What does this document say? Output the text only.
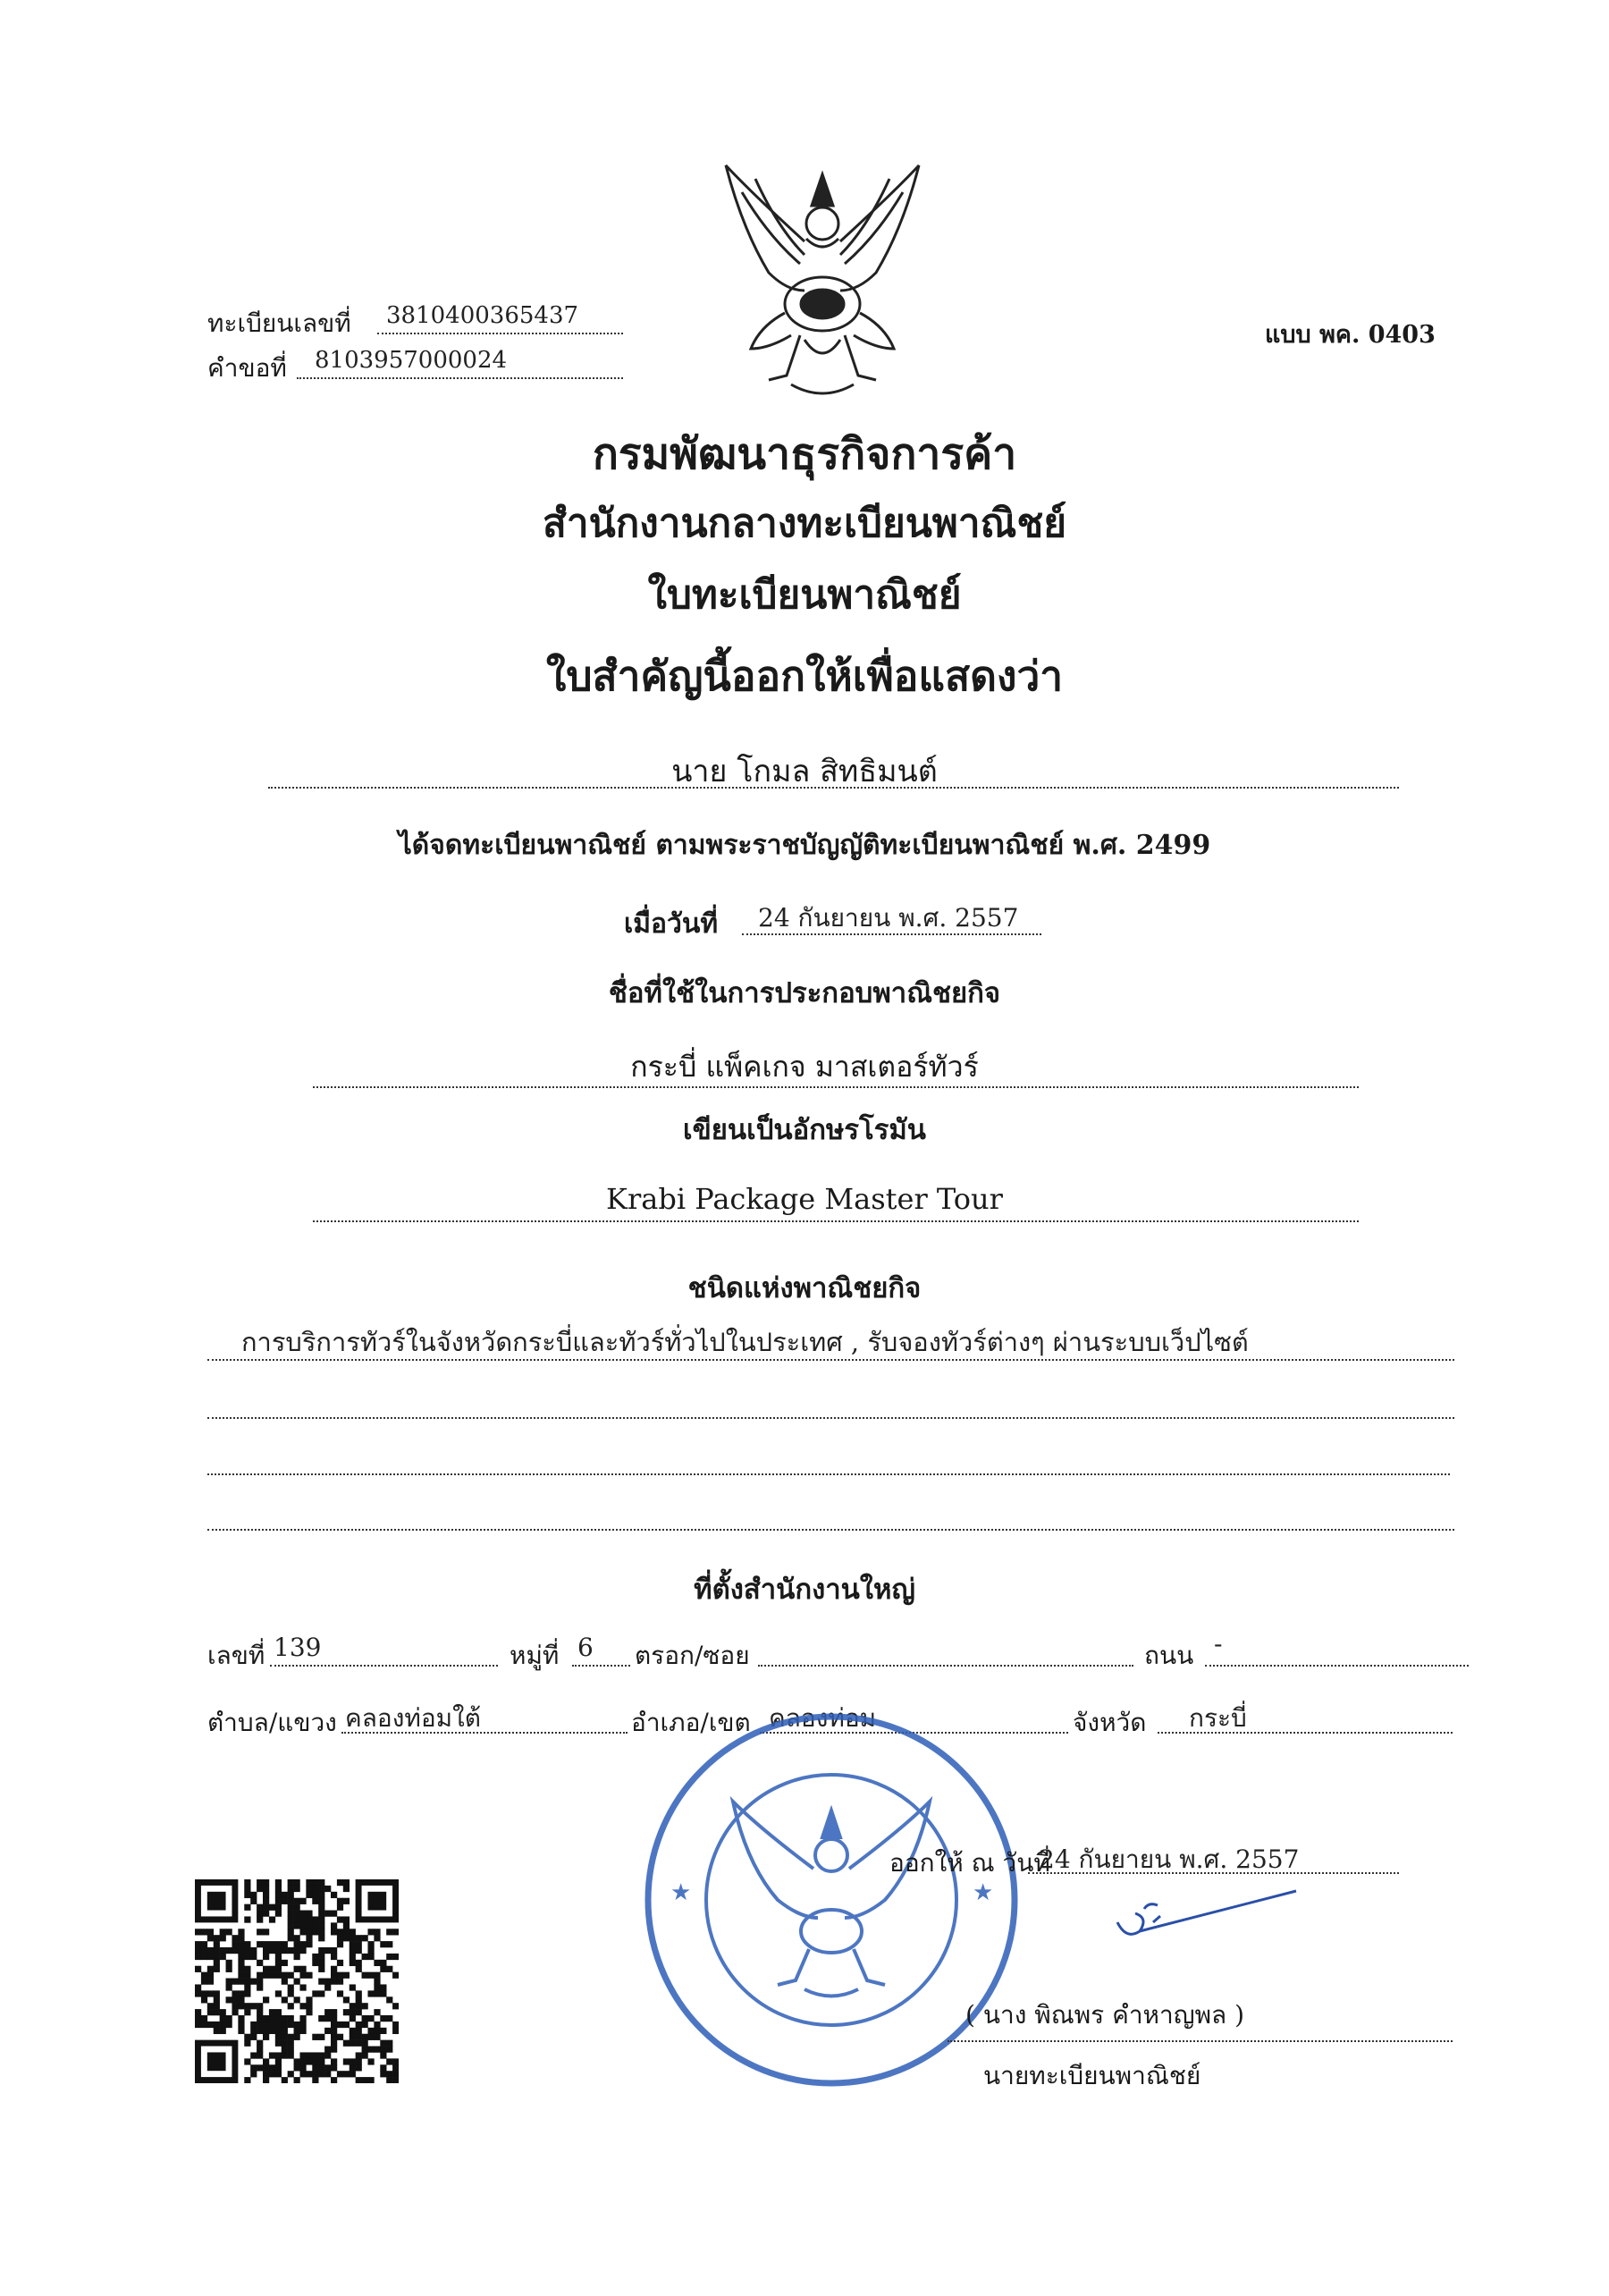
ทะเบียนเลขที่ 3810400365437
คำขอที่ 8103957000024
แบบ พค. 0403
กรมพัฒนาธุรกิจการค้า
สำนักงานกลางทะเบียนพาณิชย์
ใบทะเบียนพาณิชย์
ใบสำคัญนี้ออกให้เพื่อแสดงว่า
นาย โกมล สิทธิมนต์
ได้จดทะเบียนพาณิชย์ ตามพระราชบัญญัติทะเบียนพาณิชย์ พ.ศ. 2499
เมื่อวันที่ 24 กันยายน พ.ศ. 2557
ชื่อที่ใช้ในการประกอบพาณิชยกิจ
กระบี่ แพ็คเกจ มาสเตอร์ทัวร์
เขียนเป็นอักษรโรมัน
Krabi Package Master Tour
ชนิดแห่งพาณิชยกิจ
การบริการทัวร์ในจังหวัดกระบี่และทัวร์ทั่วไปในประเทศ , รับจองทัวร์ต่างๆ ผ่านระบบเว็ปไซต์
ที่ตั้งสำนักงานใหญ่
เลขที่ 139	หมู่ที่ 6 ตรอก/ซอย	ถนน -
ตำบล/แขวง คลองท่อมใต้	อำเภอ/เขต คลองท่อม	จังหวัด กระบี่
★	★
ออกให้ ณ วันที่
24 กันยายน พ.ศ. 2557
( นาง พิณพร คำหาญพล )
นายทะเบียนพาณิชย์
